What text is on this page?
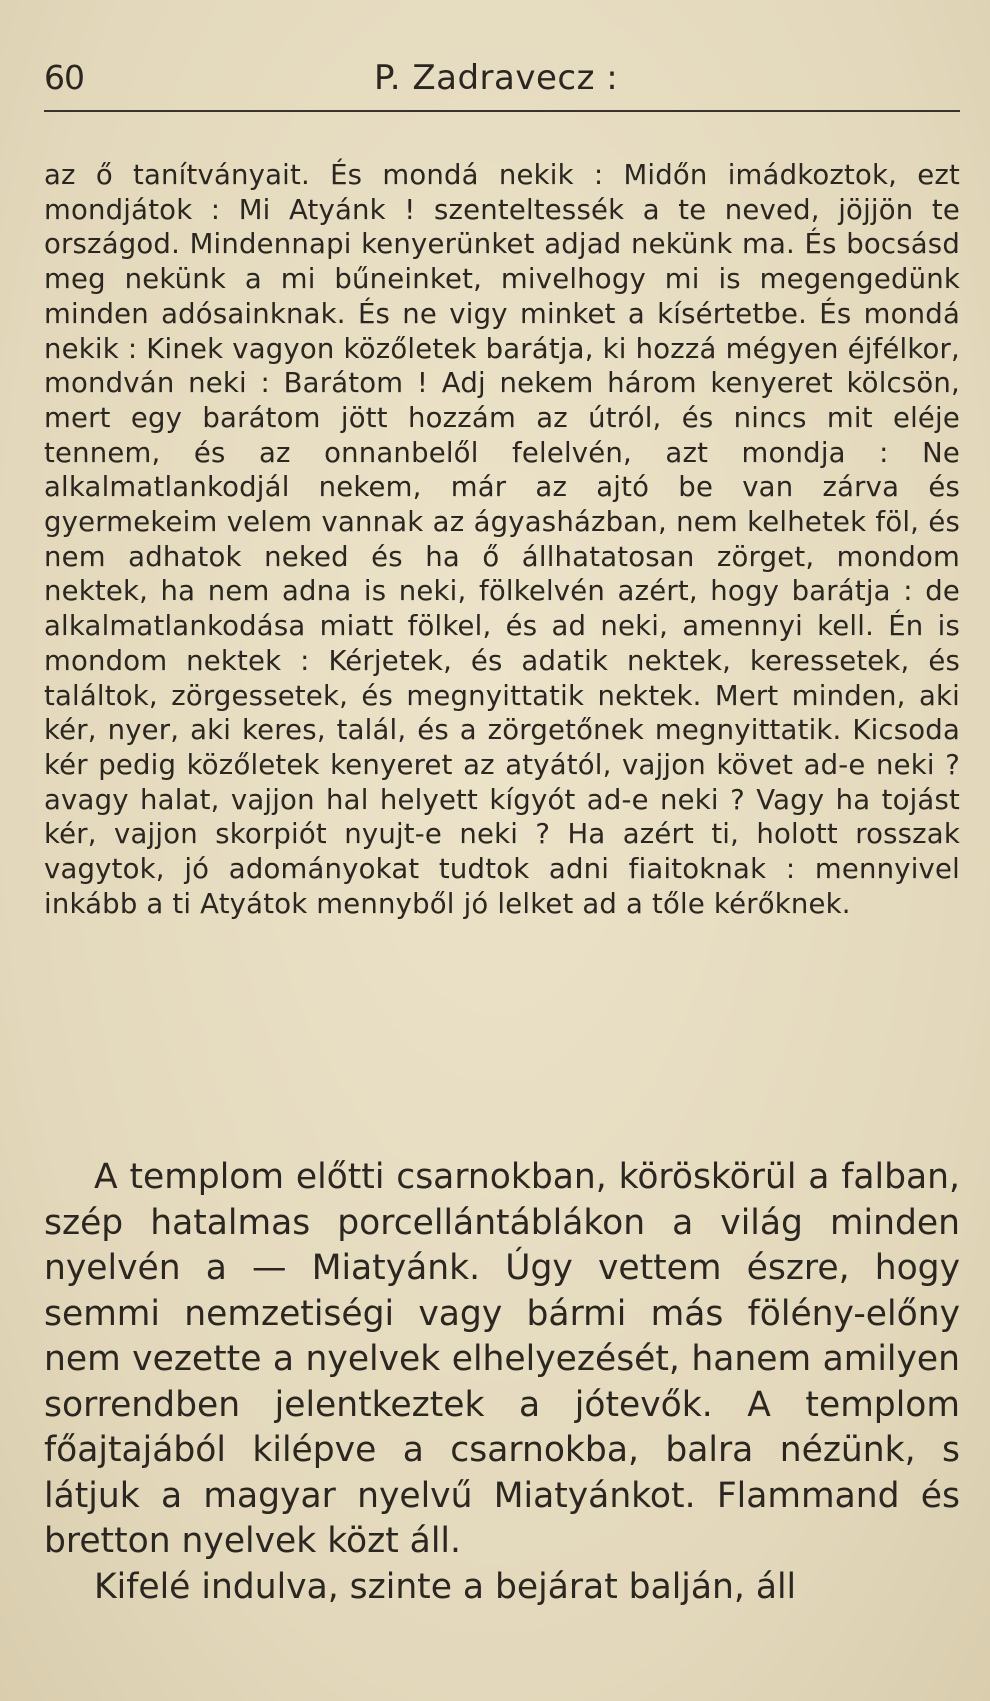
60	P. Zadravecz :

az ő tanítványait. És mondá nekik : Midőn imádkoztok, ezt mondjátok : Mi Atyánk ! szenteltessék a te neved, jöjjön te országod. Mindennapi kenyerünket adjad nekünk ma. És bocsásd meg nekünk a mi bűneinket, mivelhogy mi is megengedünk minden adósainknak. És ne vigy minket a kísértetbe. És mondá nekik : Kinek vagyon közőletek barátja, ki hozzá mégyen éjfélkor, mondván neki : Barátom ! Adj nekem három kenyeret kölcsön, mert egy barátom jött hozzám az útról, és nincs mit eléje tennem, és az onnanbelől felelvén, azt mondja : Ne alkalmatlankodjál nekem, már az ajtó be van zárva és gyermekeim velem vannak az ágyasházban, nem kelhetek föl, és nem adhatok neked és ha ő állhatatosan zörget, mondom nektek, ha nem adna is neki, fölkelvén azért, hogy barátja : de alkalmatlankodása miatt fölkel, és ad neki, amennyi kell. Én is mondom nektek : Kérjetek, és adatik nektek, keressetek, és találtok, zörgessetek, és megnyittatik nektek. Mert minden, aki kér, nyer, aki keres, talál, és a zörgetőnek megnyittatik. Kicsoda kér pedig közőletek kenyeret az atyától, vajjon követ ad-e neki ? avagy halat, vajjon hal helyett kígyót ad-e neki ? Vagy ha tojást kér, vajjon skorpiót nyujt-e neki ? Ha azért ti, holott rosszak vagytok, jó adományokat tudtok adni fiaitoknak : mennyivel inkább a ti Atyátok mennyből jó lelket ad a tőle kérőknek.

A templom előtti csarnokban, köröskörül a falban, szép hatalmas porcellántáblákon a világ minden nyelvén a — Miatyánk. Úgy vettem észre, hogy semmi nemzetiségi vagy bármi más fölény-előny nem vezette a nyelvek elhelyezését, hanem amilyen sorrendben jelentkeztek a jótevők. A templom főajtajából kilépve a csarnokba, balra nézünk, s látjuk a magyar nyelvű Miatyánkot. Flammand és bretton nyelvek közt áll.

Kifelé indulva, szinte a bejárat balján, áll
